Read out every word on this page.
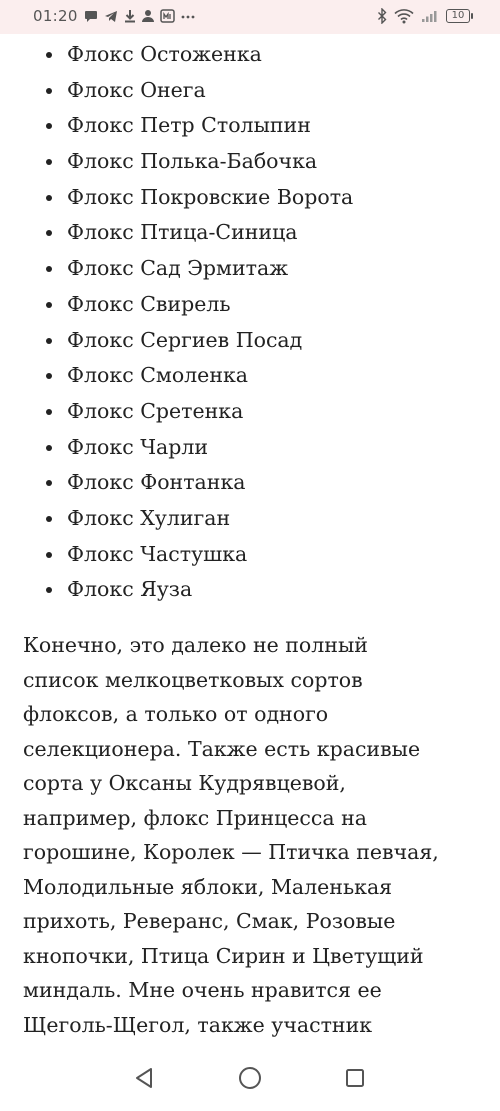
01:20	10
Флокс Остоженка
Флокс Онега
Флокс Петр Столыпин
Флокс Полька-Бабочка
Флокс Покровские Ворота
Флокс Птица-Синица
Флокс Сад Эрмитаж
Флокс Свирель
Флокс Сергиев Посад
Флокс Смоленка
Флокс Сретенка
Флокс Чарли
Флокс Фонтанка
Флокс Хулиган
Флокс Частушка
Флокс Яуза

Конечно, это далеко не полный
список мелкоцветковых сортов
флоксов, а только от одного
селекционера. Также есть красивые
сорта у Оксаны Кудрявцевой,
например, флокс Принцесса на
горошине, Королек — Птичка певчая,
Молодильные яблоки, Маленькая
прихоть, Реверанс, Смак, Розовые
кнопочки, Птица Сирин и Цветущий
миндаль. Мне очень нравится ее
Щеголь-Щегол, также участник
